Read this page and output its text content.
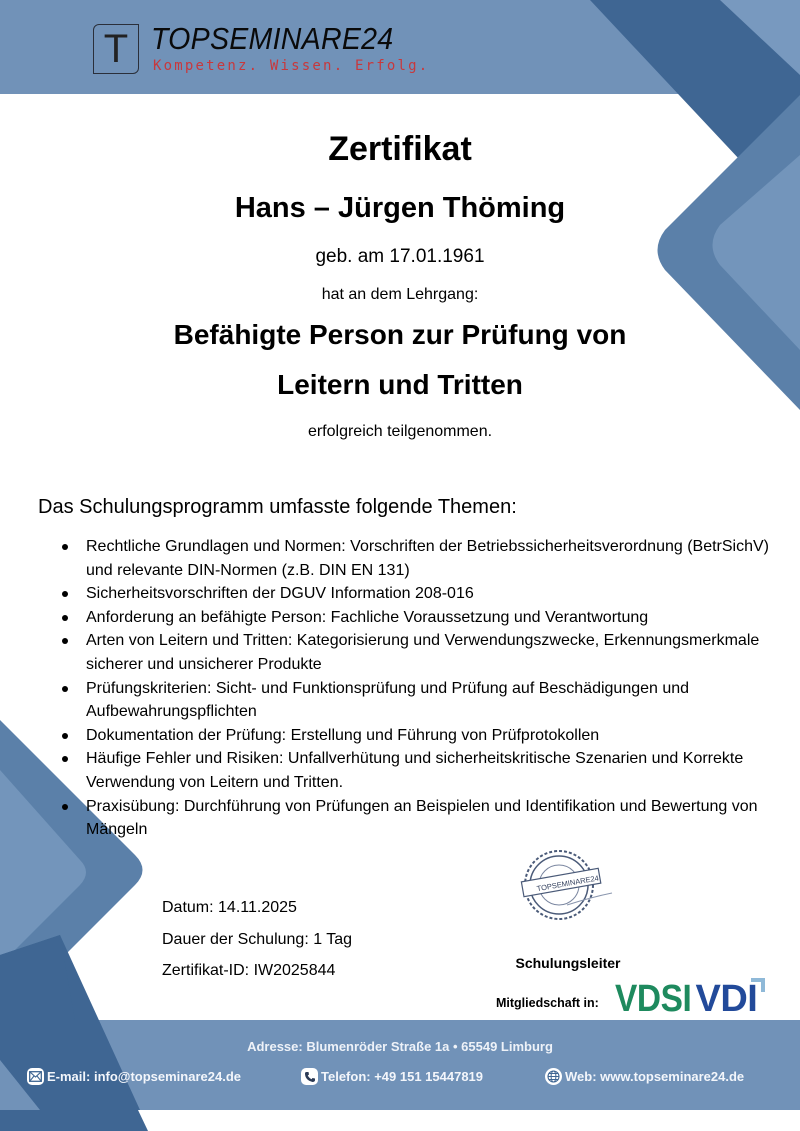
T TOPSEMINARE24
Kompetenz. Wissen. Erfolg.
Zertifikat
Hans – Jürgen Thöming
geb. am 17.01.1961
hat an dem Lehrgang:
Befähigte Person zur Prüfung von
Leitern und Tritten
erfolgreich teilgenommen.
Das Schulungsprogramm umfasste folgende Themen:
Rechtliche Grundlagen und Normen: Vorschriften der Betriebssicherheitsverordnung (BetrSichV) und relevante DIN-Normen (z.B. DIN EN 131)
Sicherheitsvorschriften der DGUV Information 208-016
Anforderung an befähigte Person: Fachliche Voraussetzung und Verantwortung
Arten von Leitern und Tritten: Kategorisierung und Verwendungszwecke, Erkennungsmerkmale sicherer und unsicherer Produkte
Prüfungskriterien: Sicht- und Funktionsprüfung und Prüfung auf Beschädigungen und Aufbewahrungspflichten
Dokumentation der Prüfung: Erstellung und Führung von Prüfprotokollen
Häufige Fehler und Risiken: Unfallverhütung und sicherheitskritische Szenarien und Korrekte Verwendung von Leitern und Tritten.
Praxisübung: Durchführung von Prüfungen an Beispielen und Identifikation und Bewertung von Mängeln
Datum: 14.11.2025
Dauer der Schulung: 1 Tag
Zertifikat-ID: IW2025844
TOPSEMINARE24
Schulungsleiter
Mitgliedschaft in: VDSI VDI
Adresse: Blumenröder Straße 1a • 65549 Limburg
E-mail: info@topseminare24.de	Telefon: +49 151 15447819	Web: www.topseminare24.de
